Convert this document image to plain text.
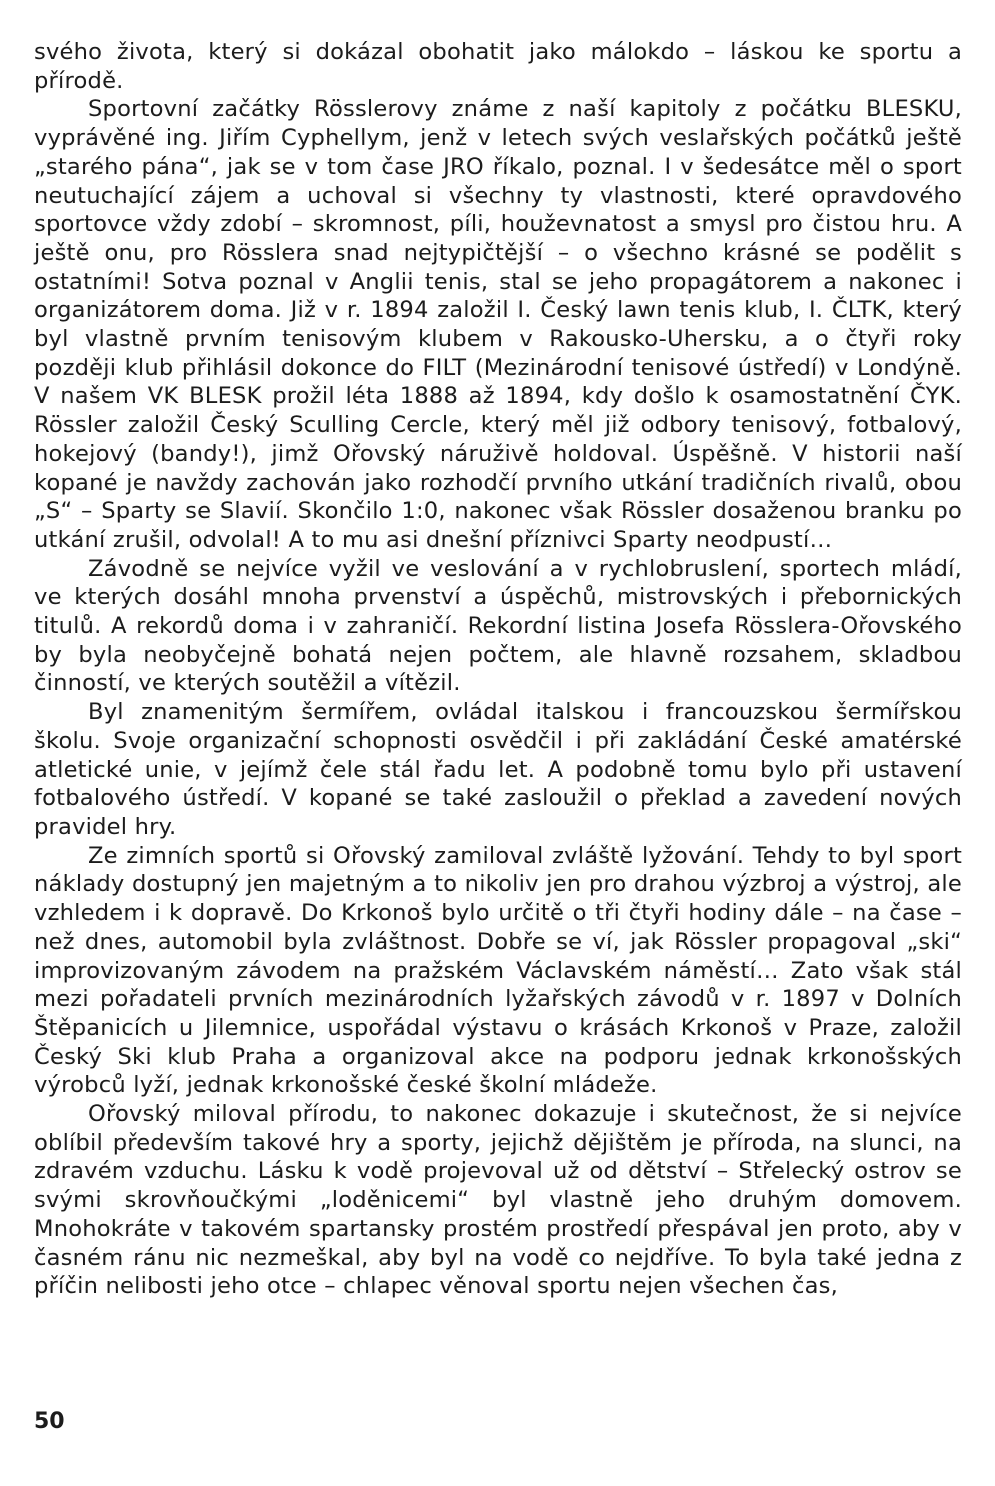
svého života, který si dokázal obohatit jako málokdo – láskou ke sportu a přírodě.

Sportovní začátky Rösslerovy známe z naší kapitoly z počátku BLESKU, vyprávěné ing. Jiřím Cyphellym, jenž v letech svých veslařských počátků ještě „starého pána“, jak se v tom čase JRO říkalo, poznal. I v šedesátce měl o sport neutuchající zájem a uchoval si všechny ty vlastnosti, které opravdového sportovce vždy zdobí – skromnost, píli, houževnatost a smysl pro čistou hru. A ještě onu, pro Rösslera snad nejtypičtější – o všechno krásné se podělit s ostatními! Sotva poznal v Anglii tenis, stal se jeho propagátorem a nakonec i organizátorem doma. Již v r. 1894 založil I. Český lawn tenis klub, I. ČLTK, který byl vlastně prvním tenisovým klubem v Rakousko-Uhersku, a o čtyři roky později klub přihlásil dokonce do FILT (Mezinárodní tenisové ústředí) v Londýně. V našem VK BLESK prožil léta 1888 až 1894, kdy došlo k osamostatnění ČYK. Rössler založil Český Sculling Cercle, který měl již odbory tenisový, fotbalový, hokejový (bandy!), jimž Ořovský náruživě holdoval. Úspěšně. V historii naší kopané je navždy zachován jako rozhodčí prvního utkání tradičních rivalů, obou „S“ – Sparty se Slavií. Skončilo 1:0, nakonec však Rössler dosaženou branku po utkání zrušil, odvolal! A to mu asi dnešní příznivci Sparty neodpustí…

Závodně se nejvíce vyžil ve veslování a v rychlobruslení, sportech mládí, ve kterých dosáhl mnoha prvenství a úspěchů, mistrovských i přebornických titulů. A rekordů doma i v zahraničí. Rekordní listina Josefa Rösslera-Ořovského by byla neobyčejně bohatá nejen počtem, ale hlavně rozsahem, skladbou činností, ve kterých soutěžil a vítězil.

Byl znamenitým šermířem, ovládal italskou i francouzskou šermířskou školu. Svoje organizační schopnosti osvědčil i při zakládání České amatérské atletické unie, v jejímž čele stál řadu let. A podobně tomu bylo při ustavení fotbalového ústředí. V kopané se také zasloužil o překlad a zavedení nových pravidel hry.

Ze zimních sportů si Ořovský zamiloval zvláště lyžování. Tehdy to byl sport náklady dostupný jen majetným a to nikoliv jen pro drahou výzbroj a výstroj, ale vzhledem i k dopravě. Do Krkonoš bylo určitě o tři čtyři hodiny dále – na čase – než dnes, automobil byla zvláštnost. Dobře se ví, jak Rössler propagoval „ski“ improvizovaným závodem na pražském Václavském náměstí… Zato však stál mezi pořadateli prvních mezinárodních lyžařských závodů v r. 1897 v Dolních Štěpanicích u Jilemnice, uspořádal výstavu o krásách Krkonoš v Praze, založil Český Ski klub Praha a organizoval akce na podporu jednak krkonošských výrobců lyží, jednak krkonošské české školní mládeže.

Ořovský miloval přírodu, to nakonec dokazuje i skutečnost, že si nejvíce oblíbil především takové hry a sporty, jejichž dějištěm je příroda, na slunci, na zdravém vzduchu. Lásku k vodě projevoval už od dětství – Střelecký ostrov se svými skrovňoučkými „loděnicemi“ byl vlastně jeho druhým domovem. Mnohokráte v takovém spartansky prostém prostředí přespával jen proto, aby v časném ránu nic nezmeškal, aby byl na vodě co nejdříve. To byla také jedna z příčin nelibosti jeho otce – chlapec věnoval sportu nejen všechen čas,

50
